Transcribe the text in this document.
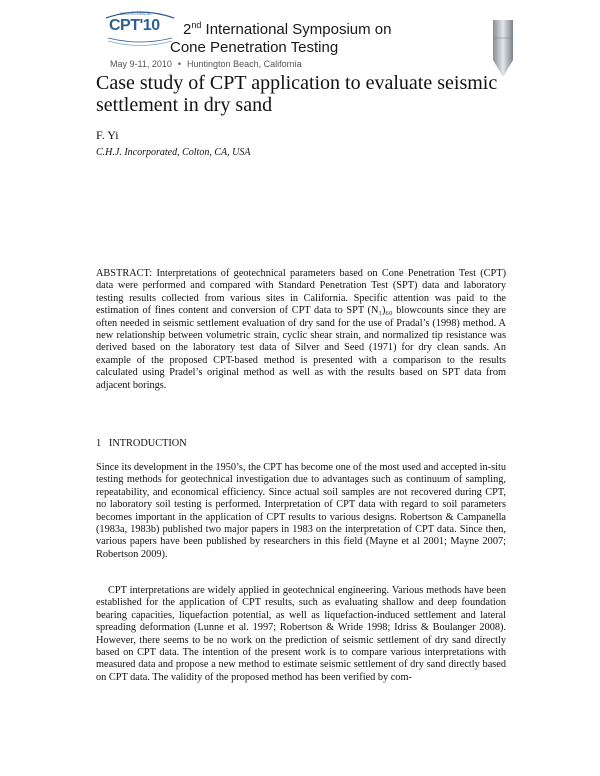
GEOTECHNICAL
CPT'10 2nd International Symposium on
Cone Penetration Testing
May 9-11, 2010 • Huntington Beach, California
Case study of CPT application to evaluate seismic settlement in dry sand
F. Yi
C.H.J. Incorporated, Colton, CA, USA

ABSTRACT: Interpretations of geotechnical parameters based on Cone Penetration Test (CPT) data were performed and compared with Standard Penetration Test (SPT) data and laboratory testing results collected from various sites in California. Specific attention was paid to the estimation of fines content and conversion of CPT data to SPT (N₁)₆₀ blowcounts since they are often needed in seismic settlement evaluation of dry sand for the use of Pradal’s (1998) method. A new relationship between volumetric strain, cyclic shear strain, and normalized tip resistance was derived based on the laboratory test data of Silver and Seed (1971) for dry clean sands. An example of the proposed CPT-based method is presented with a comparison to the results calculated using Pradel’s original method as well as with the results based on SPT data from adjacent borings.

1 INTRODUCTION

Since its development in the 1950’s, the CPT has become one of the most used and accepted in-situ testing methods for geotechnical investigation due to advantages such as continuum of sampling, repeatability, and economical efficiency. Since actual soil samples are not recovered during CPT, no laboratory soil testing is performed. Interpretation of CPT data with regard to soil parameters becomes important in the application of CPT results to various designs. Robertson & Campanella (1983a, 1983b) published two major papers in 1983 on the interpretation of CPT data. Since then, various papers have been published by researchers in this field (Mayne et al 2001; Mayne 2007; Robertson 2009).

CPT interpretations are widely applied in geotechnical engineering. Various methods have been established for the application of CPT results, such as evaluating shallow and deep foundation bearing capacities, liquefaction potential, as well as liquefaction-induced settlement and lateral spreading deformation (Lunne et al. 1997; Robertson & Wride 1998; Idriss & Boulanger 2008). However, there seems to be no work on the prediction of seismic settlement of dry sand directly based on CPT data. The intention of the present work is to compare various interpretations with measured data and propose a new method to estimate seismic settlement of dry sand directly based on CPT data. The validity of the proposed method has been verified by com-
